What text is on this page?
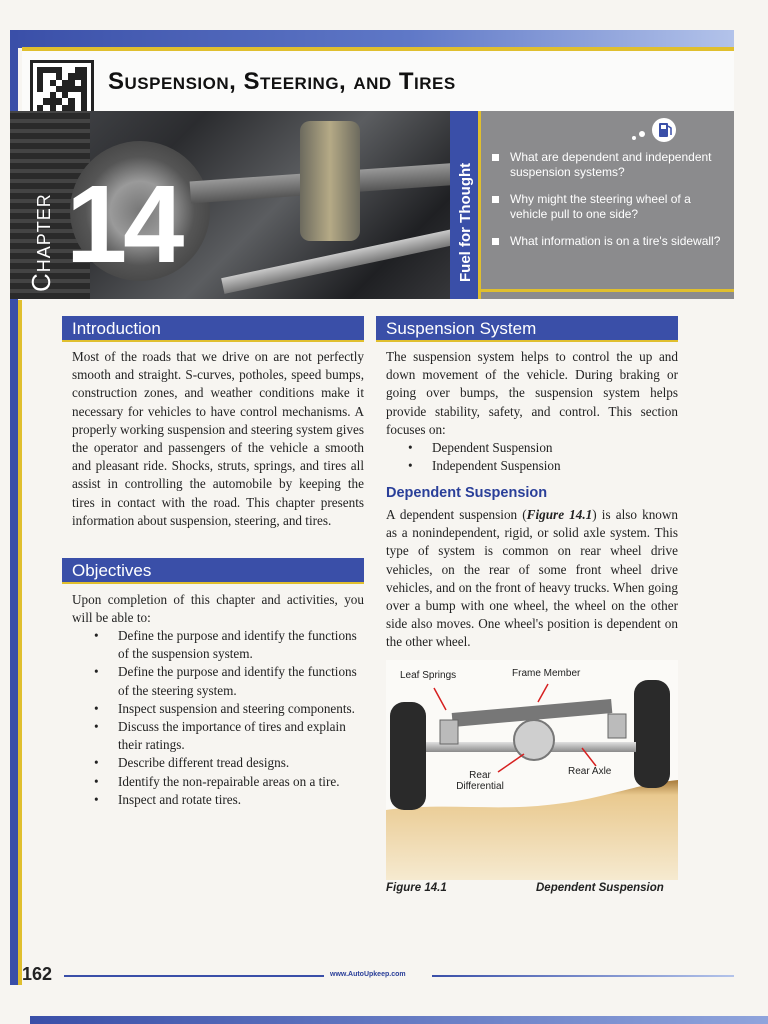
Suspension, Steering, and Tires
Chapter 14	Fuel for Thought
What are dependent and independent suspension systems?
Why might the steering wheel of a vehicle pull to one side?
What information is on a tire's sidewall?
Introduction
Most of the roads that we drive on are not perfectly smooth and straight. S-curves, potholes, speed bumps, construction zones, and weather conditions make it necessary for vehicles to have control mechanisms. A properly working suspension and steering system gives the operator and passengers of the vehicle a smooth and pleasant ride. Shocks, struts, springs, and tires all assist in controlling the automobile by keeping the tires in contact with the road. This chapter presents information about suspension, steering, and tires.
Objectives
Upon completion of this chapter and activities, you will be able to:
• Define the purpose and identify the functions of the suspension system.
• Define the purpose and identify the functions of the steering system.
• Inspect suspension and steering components.
• Discuss the importance of tires and explain their ratings.
• Describe different tread designs.
• Identify the non-repairable areas on a tire.
• Inspect and rotate tires.
Suspension System
The suspension system helps to control the up and down movement of the vehicle. During braking or going over bumps, the suspension system helps provide stability, safety, and control. This section focuses on:
• Dependent Suspension
• Independent Suspension
Dependent Suspension
A dependent suspension (Figure 14.1) is also known as a nonindependent, rigid, or solid axle system. This type of system is common on rear wheel drive vehicles, on the rear of some front wheel drive vehicles, and on the front of heavy trucks. When going over a bump with one wheel, the wheel on the other side also moves. One wheel's position is dependent on the other wheel.
Leaf Springs	Frame Member
Rear
Differential
Rear Axle
Figure 14.1	Dependent Suspension
162	www.AutoUpkeep.com
